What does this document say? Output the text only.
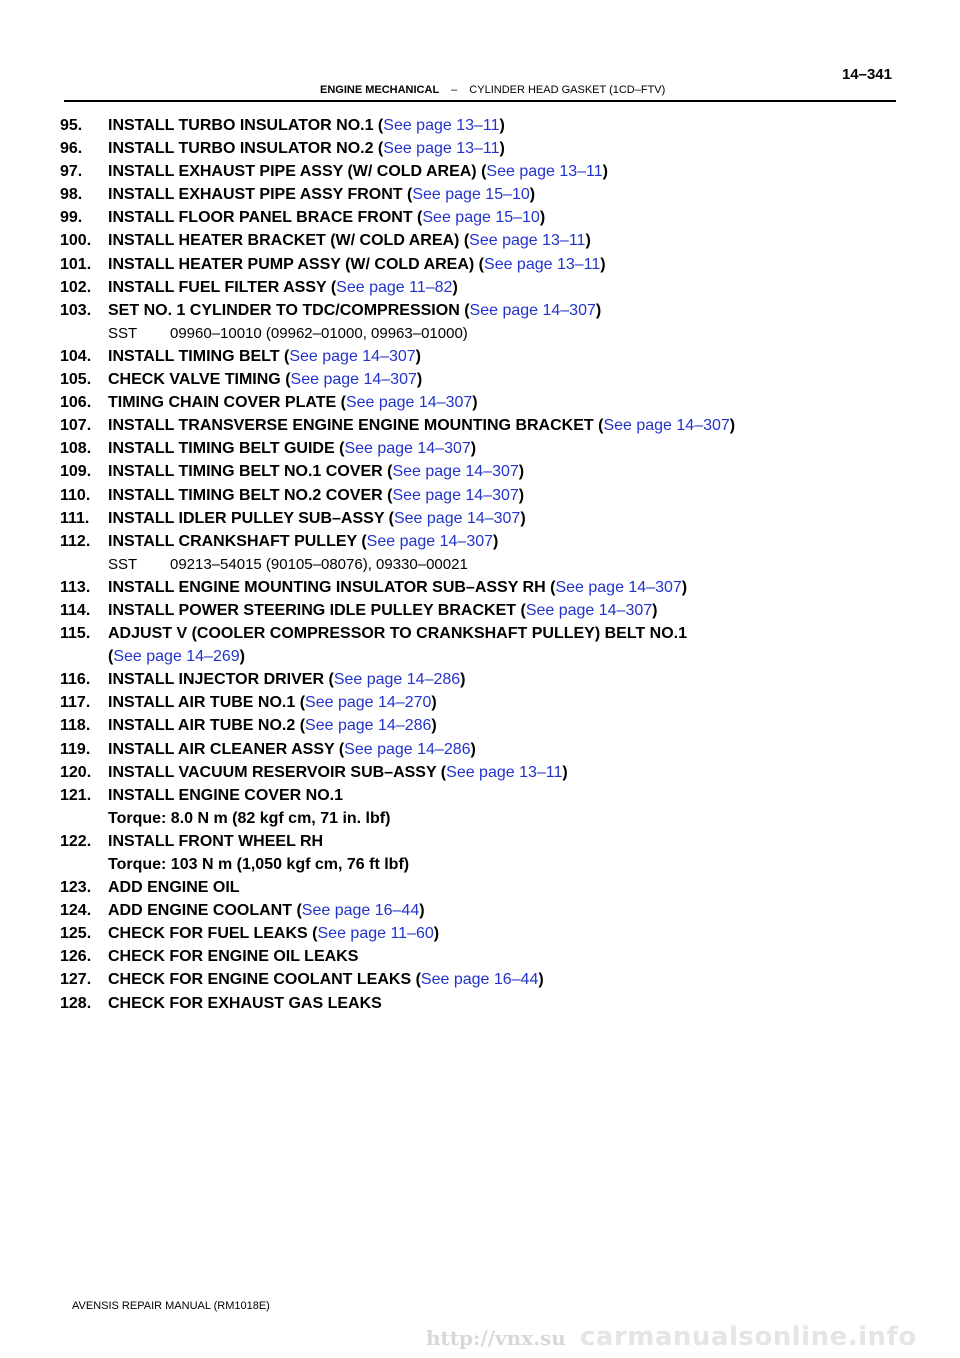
14–341
ENGINE MECHANICAL – CYLINDER HEAD GASKET (1CD–FTV)
95.	INSTALL TURBO INSULATOR NO.1 (See page 13–11)
96.	INSTALL TURBO INSULATOR NO.2 (See page 13–11)
97.	INSTALL EXHAUST PIPE ASSY (W/ COLD AREA) (See page 13–11)
98.	INSTALL EXHAUST PIPE ASSY FRONT (See page 15–10)
99.	INSTALL FLOOR PANEL BRACE FRONT (See page 15–10)
100.	INSTALL HEATER BRACKET (W/ COLD AREA) (See page 13–11)
101.	INSTALL HEATER PUMP ASSY (W/ COLD AREA) (See page 13–11)
102.	INSTALL FUEL FILTER ASSY (See page 11–82)
103.	SET NO. 1 CYLINDER TO TDC/COMPRESSION (See page 14–307)
SST 09960–10010 (09962–01000, 09963–01000)
104.	INSTALL TIMING BELT (See page 14–307)
105.	CHECK VALVE TIMING (See page 14–307)
106.	TIMING CHAIN COVER PLATE (See page 14–307)
107.	INSTALL TRANSVERSE ENGINE ENGINE MOUNTING BRACKET (See page 14–307)
108.	INSTALL TIMING BELT GUIDE (See page 14–307)
109.	INSTALL TIMING BELT NO.1 COVER (See page 14–307)
110.	INSTALL TIMING BELT NO.2 COVER (See page 14–307)
111.	INSTALL IDLER PULLEY SUB–ASSY (See page 14–307)
112.	INSTALL CRANKSHAFT PULLEY (See page 14–307)
SST 09213–54015 (90105–08076), 09330–00021
113.	INSTALL ENGINE MOUNTING INSULATOR SUB–ASSY RH (See page 14–307)
114.	INSTALL POWER STEERING IDLE PULLEY BRACKET (See page 14–307)
115.	ADJUST V (COOLER COMPRESSOR TO CRANKSHAFT PULLEY) BELT NO.1
(See page 14–269)
116.	INSTALL INJECTOR DRIVER (See page 14–286)
117.	INSTALL AIR TUBE NO.1 (See page 14–270)
118.	INSTALL AIR TUBE NO.2 (See page 14–286)
119.	INSTALL AIR CLEANER ASSY (See page 14–286)
120.	INSTALL VACUUM RESERVOIR SUB–ASSY (See page 13–11)
121.	INSTALL ENGINE COVER NO.1
Torque: 8.0 N m (82 kgf cm, 71 in. lbf)
122.	INSTALL FRONT WHEEL RH
Torque: 103 N m (1,050 kgf cm, 76 ft lbf)
123.	ADD ENGINE OIL
124.	ADD ENGINE COOLANT (See page 16–44)
125.	CHECK FOR FUEL LEAKS (See page 11–60)
126.	CHECK FOR ENGINE OIL LEAKS
127.	CHECK FOR ENGINE COOLANT LEAKS (See page 16–44)
128.	CHECK FOR EXHAUST GAS LEAKS
AVENSIS REPAIR MANUAL (RM1018E)
http://vnx.su carmanualsonline.info
